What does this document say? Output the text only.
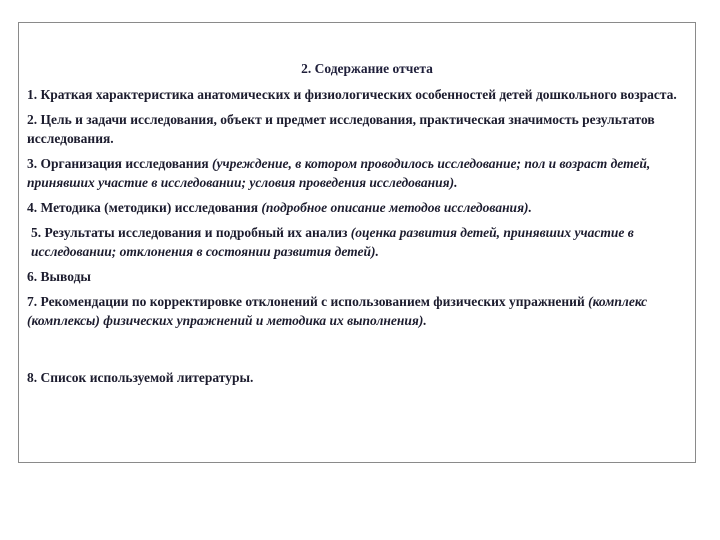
2. Содержание отчета
1. Краткая характеристика анатомических и физиологических особенностей детей дошкольного возраста.
2. Цель и задачи исследования, объект и предмет исследования, практическая значимость результатов исследования.
3. Организация исследования (учреждение, в котором проводилось исследование; пол и возраст детей, принявших участие в исследовании; условия проведения исследования).
4. Методика (методики) исследования (подробное описание методов исследования).
5. Результаты исследования и подробный их анализ (оценка развития детей, принявших участие в исследовании; отклонения в состоянии развития детей).
6. Выводы
7. Рекомендации по корректировке отклонений с использованием физических упражнений (комплекс (комплексы) физических упражнений и методика их выполнения).
8. Список используемой литературы.
